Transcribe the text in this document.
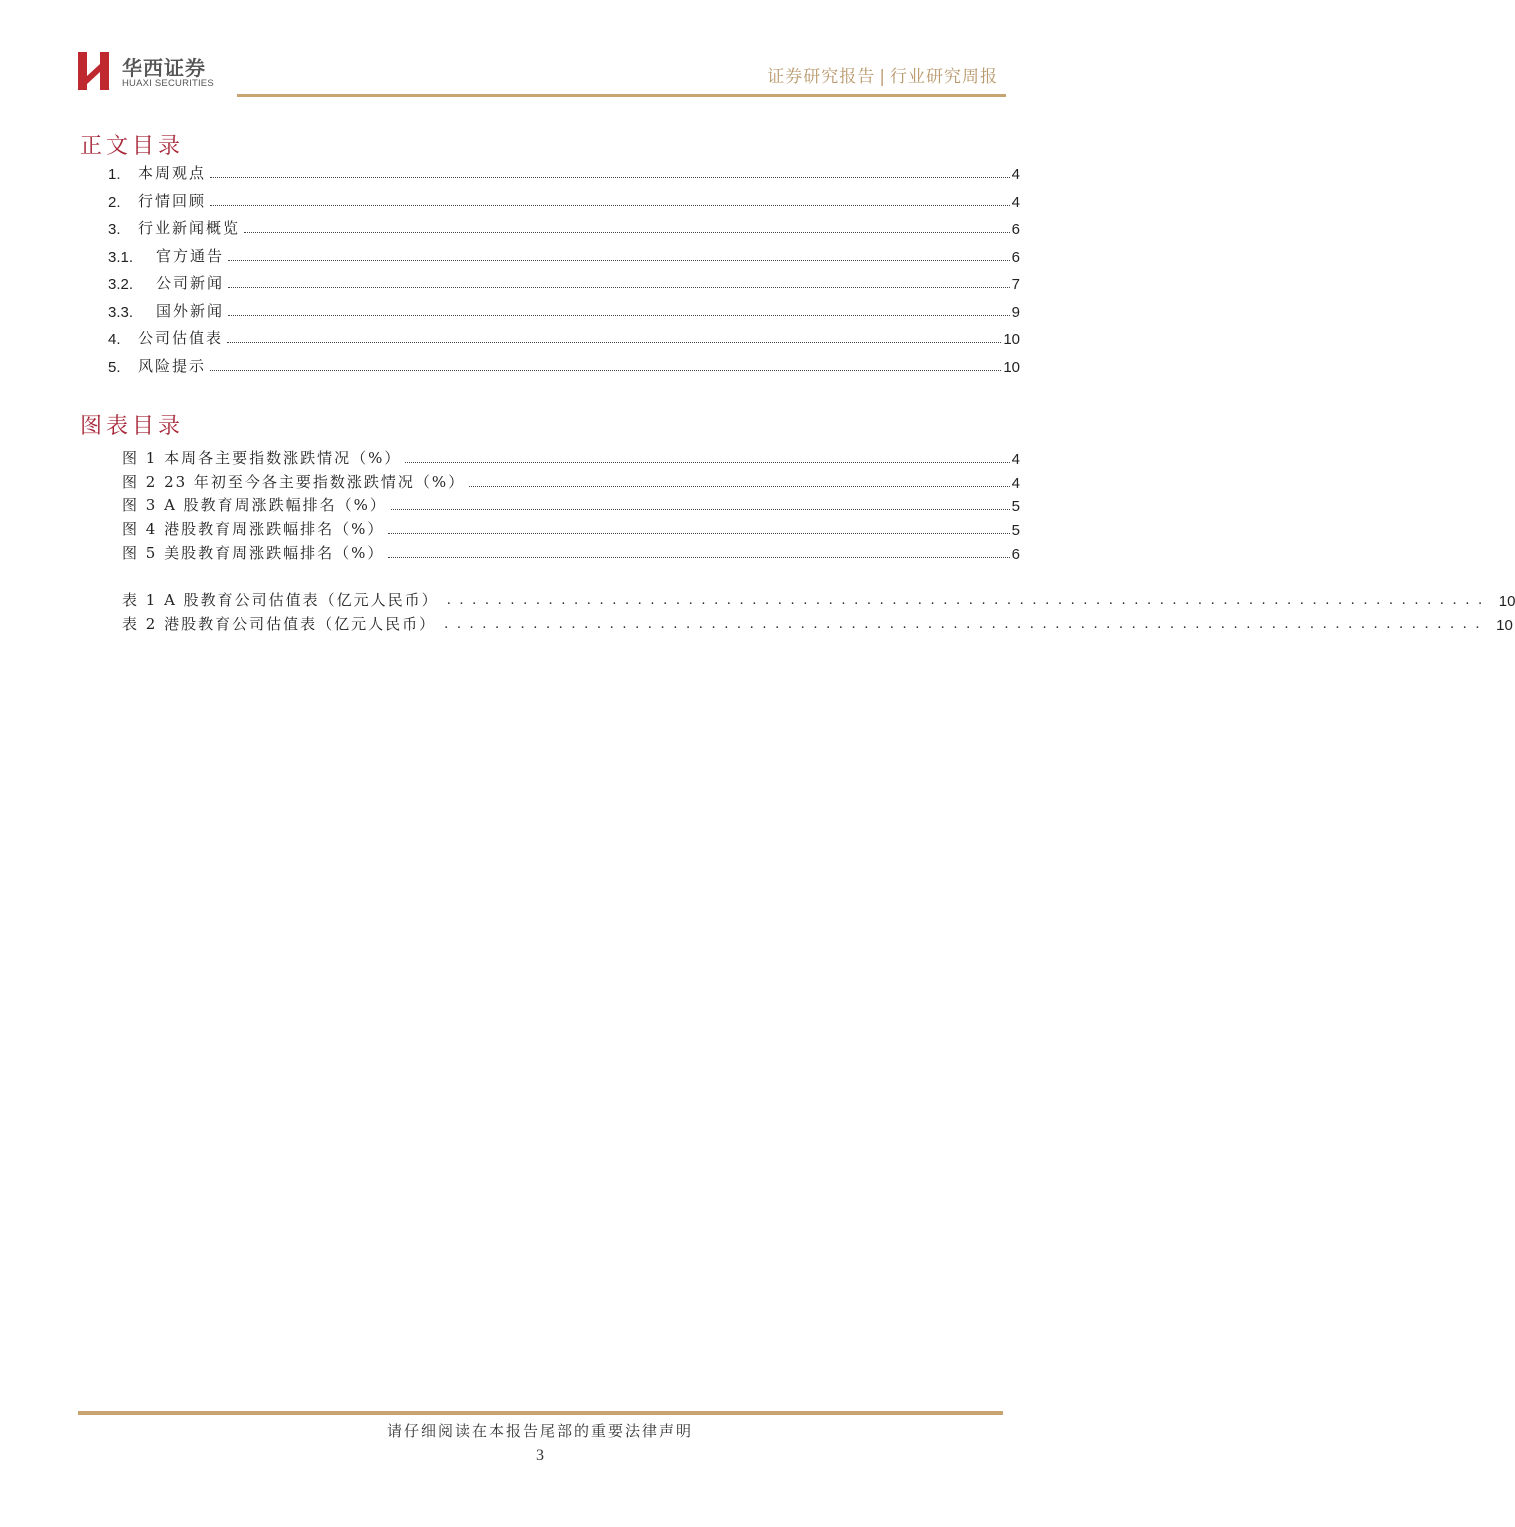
华西证券
HUAXI SECURITIES	证券研究报告 | 行业研究周报
正文目录
1.	本周观点	4
2.	行情回顾	4
3.	行业新闻概览	6
3.1.	官方通告	6
3.2.	公司新闻	7
3.3.	国外新闻	9
4.	公司估值表	10
5.	风险提示	10
图表目录
图 1 本周各主要指数涨跌情况（%）	4
图 2 23 年初至今各主要指数涨跌情况（%）	4
图 3 A 股教育周涨跌幅排名（%）	5
图 4 港股教育周涨跌幅排名（%）	5
图 5 美股教育周涨跌幅排名（%）	6
表 1 A 股教育公司估值表（亿元人民币） .................................................................................. 10
表 2 港股教育公司估值表（亿元人民币） .................................................................................. 10
请仔细阅读在本报告尾部的重要法律声明
3
